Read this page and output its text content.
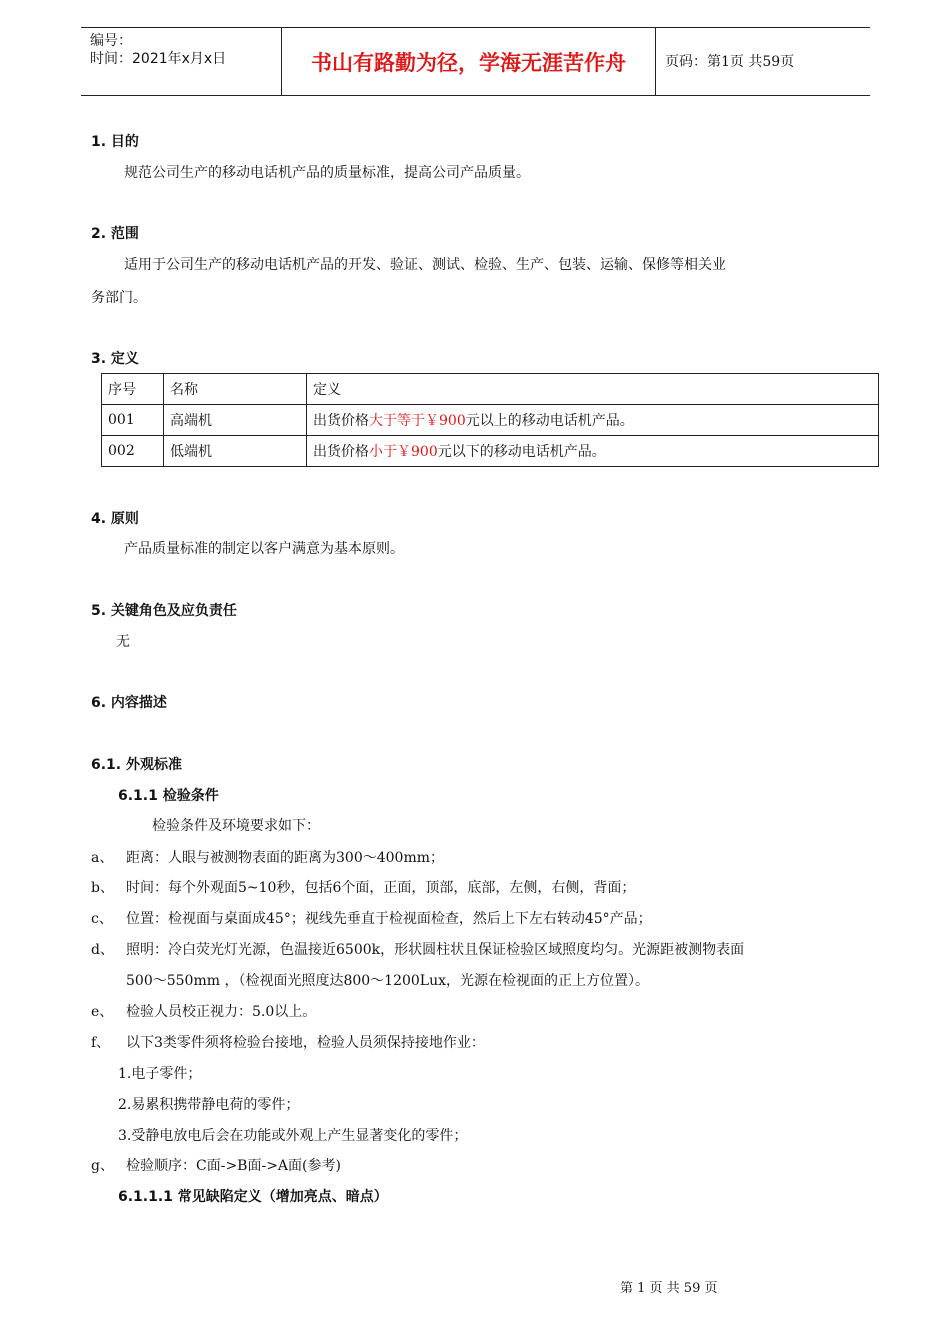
编号：
时间：2021年x月x日	书山有路勤为径，学海无涯苦作舟	页码：第1页 共59页
1. 目的
规范公司生产的移动电话机产品的质量标准，提高公司产品质量。
2. 范围
适用于公司生产的移动电话机产品的开发、验证、测试、检验、生产、包装、运输、保修等相关业
务部门。
3. 定义
序号	名称	定义
001	高端机	出货价格大于等于￥900元以上的移动电话机产品。
002	低端机	出货价格小于￥900元以下的移动电话机产品。
4. 原则
产品质量标准的制定以客户满意为基本原则。
5. 关键角色及应负责任
无
6. 内容描述
6.1. 外观标准
6.1.1 检验条件
检验条件及环境要求如下：
a、 距离：人眼与被测物表面的距离为300～400mm；
b、 时间：每个外观面5~10秒，包括6个面，正面，顶部，底部，左侧，右侧，背面；
c、 位置：检视面与桌面成45°；视线先垂直于检视面检查，然后上下左右转动45°产品；
d、 照明：冷白荧光灯光源，色温接近6500k，形状圆柱状且保证检验区域照度均匀。光源距被测物表面
500～550mm ，（检视面光照度达800～1200Lux，光源在检视面的正上方位置）。
e、 检验人员校正视力：5.0以上。
f、 以下3类零件须将检验台接地，检验人员须保持接地作业：
1.电子零件；
2.易累积携带静电荷的零件；
3.受静电放电后会在功能或外观上产生显著变化的零件；
g、 检验顺序：C面->B面->A面(参考)
6.1.1.1 常见缺陷定义（增加亮点、暗点）
第 1 页 共 59 页
